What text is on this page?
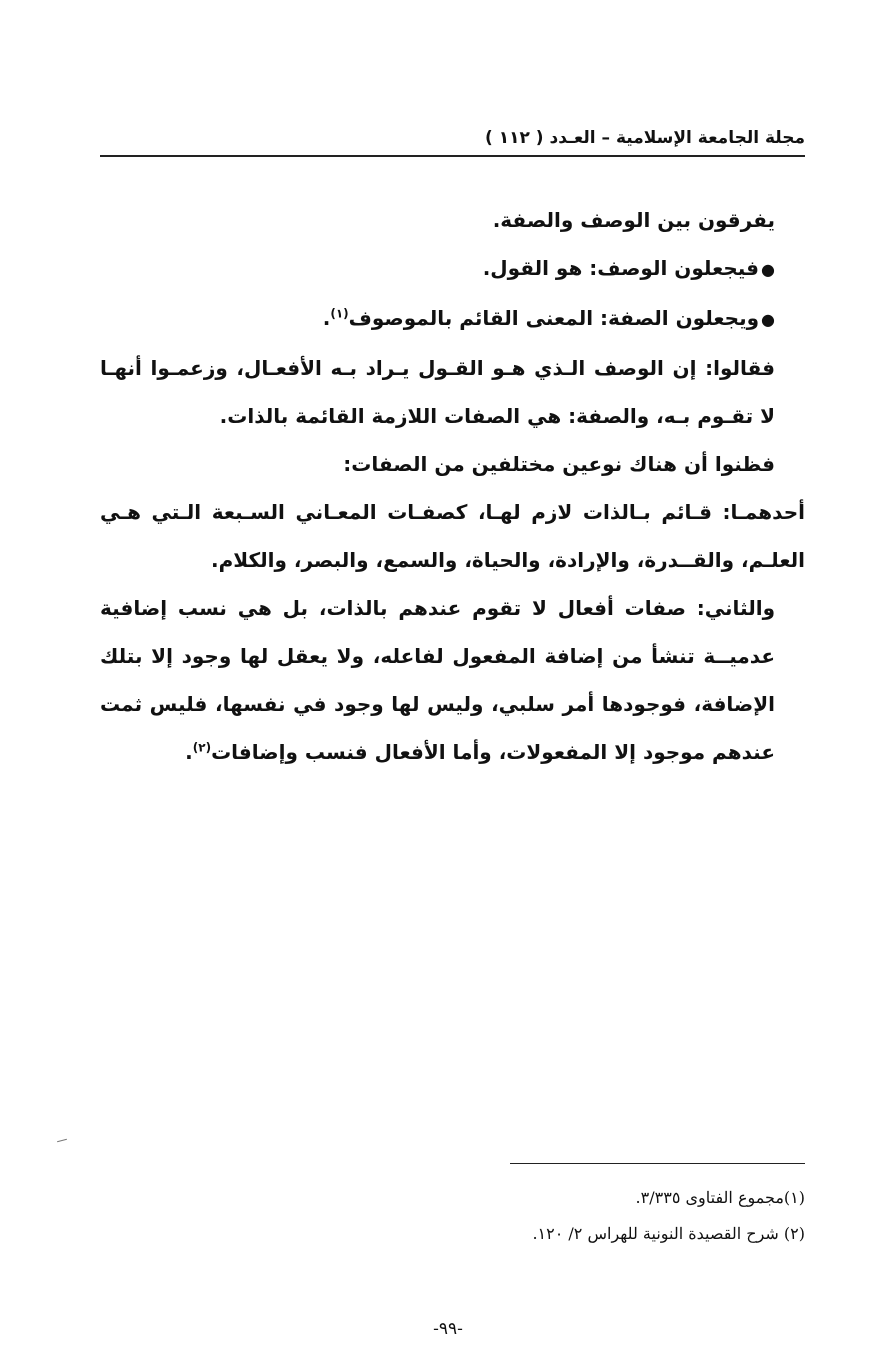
مجلة الجامعة الإسلامية – العـدد ( ١١٢ )

يفرقون بين الوصف والصفة.

● فيجعلون الوصف: هو القول.

● ويجعلون الصفة: المعنى القائم بالموصوف$^{(١)}$.

فقالوا: إن الوصف الـذي هـو القـول يـراد بـه الأفعـال، وزعمـوا أنهـا لا تقـوم بـه، والصفة: هي الصفات اللازمة القائمة بالذات.

فظنوا أن هناك نوعين مختلفين من الصفات:

أحدهمـا: قـائم بـالذات لازم لهـا، كصفـات المعـاني السـبعة الـتي هـي العلـم، والقــدرة، والإرادة، والحياة، والسمع، والبصر، والكلام.

والثاني: صفات أفعال لا تقوم عندهم بالذات، بل هي نسب إضافية عدميــة تنشأ من إضافة المفعول لفاعله، ولا يعقل لها وجود إلا بتلك الإضافة، فوجودها أمر سلبي، وليس لها وجود في نفسها، فليس ثمت عندهم موجود إلا المفعولات، وأما الأفعال فنسب وإضافات$^{(٢)}$.

(١)مجموع الفتاوى ٣/٣٣٥.

(٢) شرح القصيدة النونية للهراس ٢/ ١٢٠.

-٩٩-
